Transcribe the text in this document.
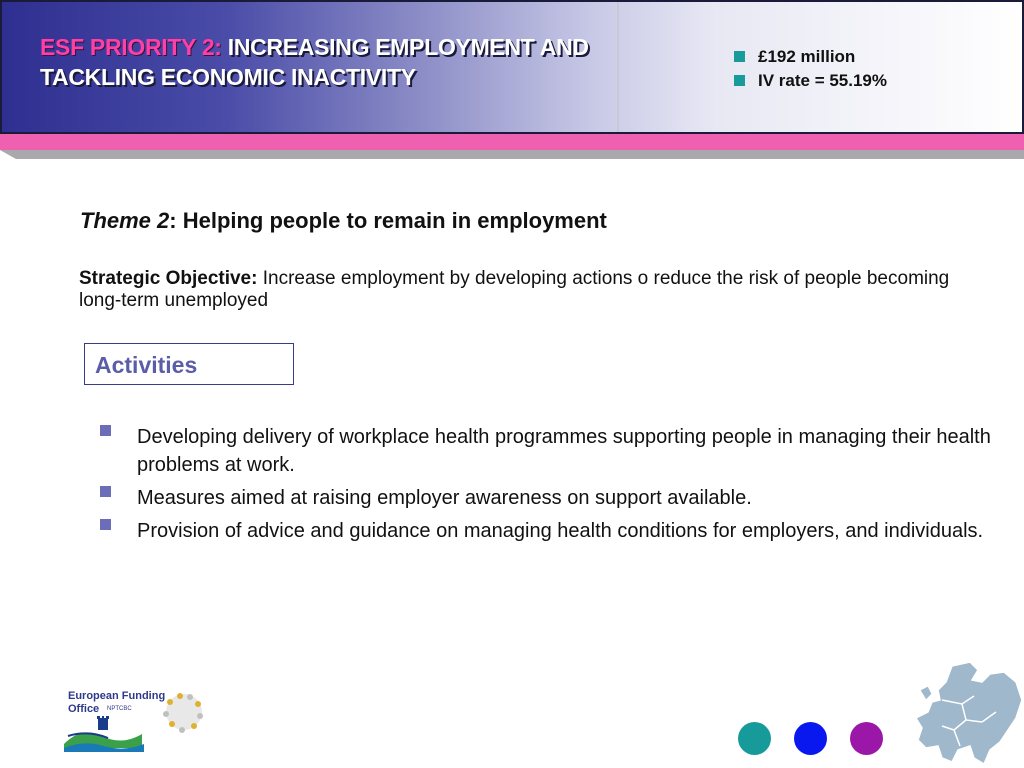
ESF PRIORITY 2: INCREASING EMPLOYMENT AND TACKLING ECONOMIC INACTIVITY
£192 million
IV rate = 55.19%
Theme 2: Helping people to remain in employment
Strategic Objective: Increase employment by developing actions o reduce the risk of people becoming long-term unemployed
Activities
Developing delivery of workplace health programmes supporting people in managing their health problems at work.
Measures aimed at raising employer awareness on support available.
Provision of advice and guidance on managing health conditions for employers, and individuals.
European Funding
Office NPTCBC
